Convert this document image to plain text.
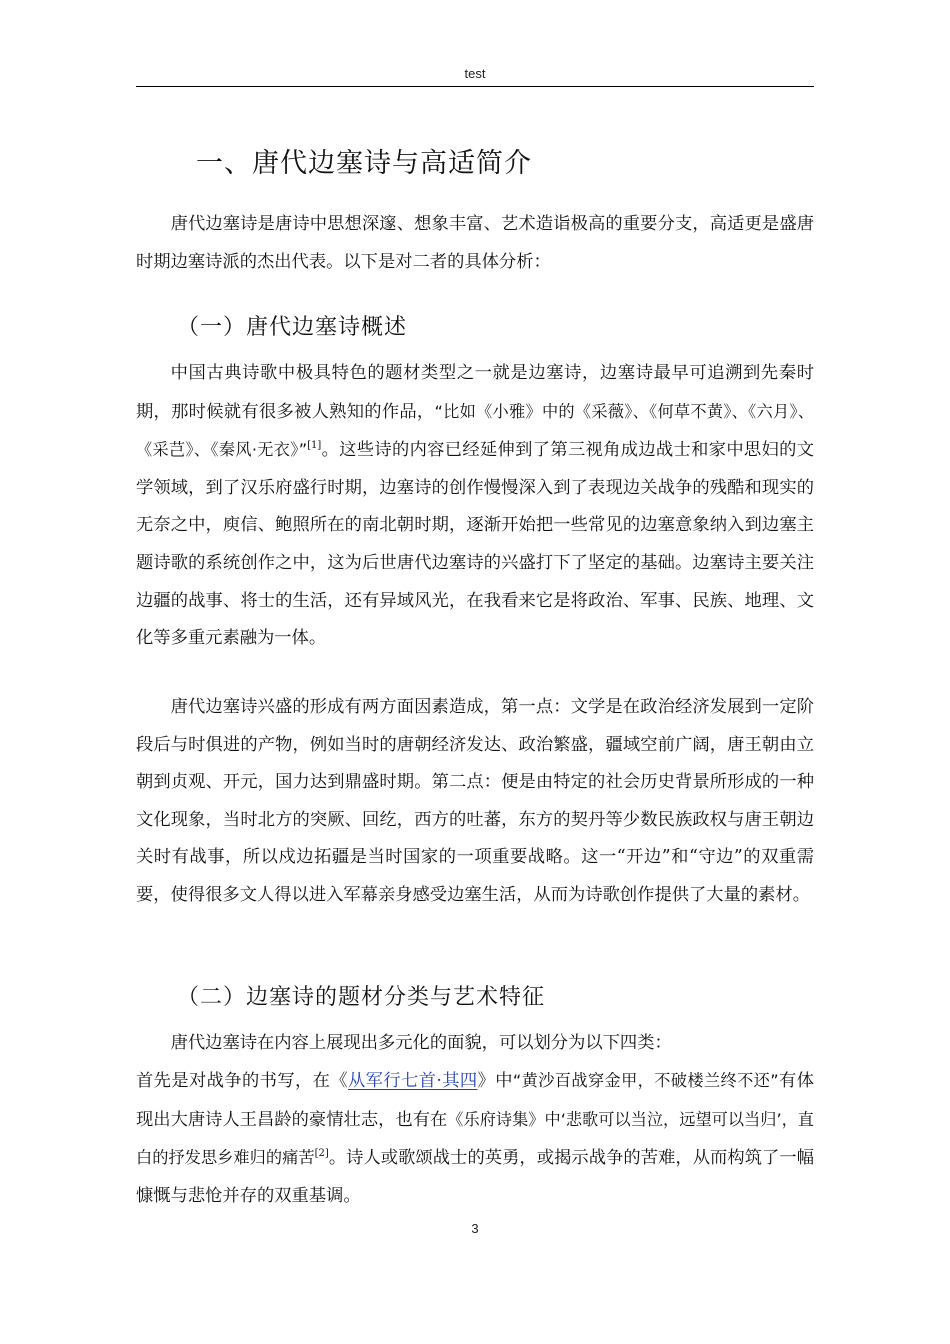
test
一、唐代边塞诗与高适简介

唐代边塞诗是唐诗中思想深邃、想象丰富、艺术造诣极高的重要分支，高适更是盛唐时期边塞诗派的杰出代表。以下是对二者的具体分析：

（一）唐代边塞诗概述

中国古典诗歌中极具特色的题材类型之一就是边塞诗，边塞诗最早可追溯到先秦时期，那时候就有很多被人熟知的作品，“比如《小雅》中的《采薇》、《何草不黄》、《六月》、《采芑》、《秦风·无衣》”[1]。这些诗的内容已经延伸到了第三视角成边战士和家中思妇的文学领域，到了汉乐府盛行时期，边塞诗的创作慢慢深入到了表现边关战争的残酷和现实的无奈之中，庾信、鲍照所在的南北朝时期，逐渐开始把一些常见的边塞意象纳入到边塞主题诗歌的系统创作之中，这为后世唐代边塞诗的兴盛打下了坚定的基础。边塞诗主要关注边疆的战事、将士的生活，还有异域风光，在我看来它是将政治、军事、民族、地理、文化等多重元素融为一体。

唐代边塞诗兴盛的形成有两方面因素造成，第一点：文学是在政治经济发展到一定阶段后与时俱进的产物，例如当时的唐朝经济发达、政治繁盛，疆域空前广阔，唐王朝由立朝到贞观、开元，国力达到鼎盛时期。第二点：便是由特定的社会历史背景所形成的一种文化现象，当时北方的突厥、回纥，西方的吐蕃，东方的契丹等少数民族政权与唐王朝边关时有战事，所以戍边拓疆是当时国家的一项重要战略。这一“开边”和“守边”的双重需要，使得很多文人得以进入军幕亲身感受边塞生活，从而为诗歌创作提供了大量的素材。

（二）边塞诗的题材分类与艺术特征

唐代边塞诗在内容上展现出多元化的面貌，可以划分为以下四类：

首先是对战争的书写，在《从军行七首·其四》中“黄沙百战穿金甲，不破楼兰终不还”有体现出大唐诗人王昌龄的豪情壮志，也有在《乐府诗集》中‘悲歌可以当泣，远望可以当归’，直白的抒发思乡难归的痛苦[2]。诗人或歌颂战士的英勇，或揭示战争的苦难，从而构筑了一幅慷慨与悲怆并存的双重基调。

3
